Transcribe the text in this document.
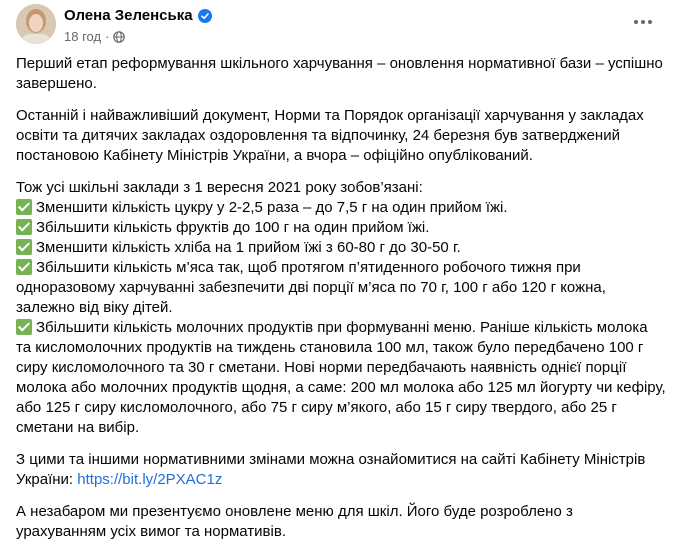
Олена Зеленська
18 год ·

Перший етап реформування шкільного харчування – оновлення нормативної бази – успішно завершено.

Останній і найважливіший документ, Норми та Порядок організації харчування у закладах освіти та дитячих закладах оздоровлення та відпочинку, 24 березня був затверджений постановою Кабінету Міністрів України, а вчора – офіційно опублікований.

Тож усі шкільні заклади з 1 вересня 2021 року зобов’язані:

Зменшити кількість цукру у 2-2,5 раза – до 7,5 г на один прийом їжі.
Збільшити кількість фруктів до 100 г на один прийом їжі.
Зменшити кількість хліба на 1 прийом їжі з 60-80 г до 30-50 г.
Збільшити кількість м’яса так, щоб протягом п’ятиденного робочого тижня при одноразовому харчуванні забезпечити дві порції м’яса по 70 г, 100 г або 120 г кожна, залежно від віку дітей.
Збільшити кількість молочних продуктів при формуванні меню. Раніше кількість молока та кисломолочних продуктів на тиждень становила 100 мл, також було передбачено 100 г сиру кисломолочного та 30 г сметани. Нові норми передбачають наявність однієї порції молока або молочних продуктів щодня, а саме: 200 мл молока або 125 мл йогурту чи кефіру, або 125 г сиру кисломолочного, або 75 г сиру м’якого, або 15 г сиру твердого, або 25 г сметани на вибір.

З цими та іншими нормативними змінами можна ознайомитися на сайті Кабінету Міністрів України: https://bit.ly/2PXAC1z

А незабаром ми презентуємо оновлене меню для шкіл. Його буде розроблено з урахуванням усіх вимог та нормативів.
